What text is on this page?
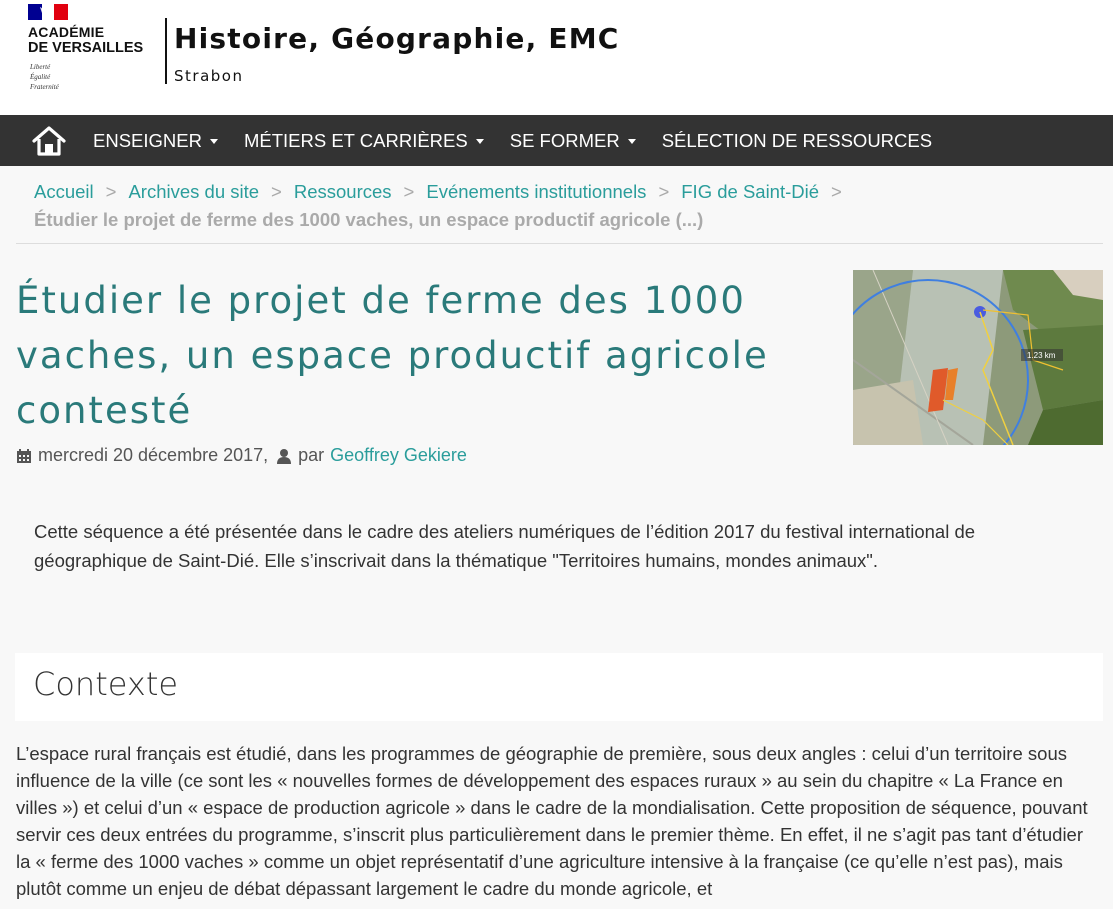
ACADÉMIE
DE VERSAILLES
Liberté
Égalité
Fraternité
Histoire, Géographie, EMC
Strabon
ENSEIGNER MÉTIERS ET CARRIÈRES SE FORMER SÉLECTION DE RESSOURCES
Accueil > Archives du site > Ressources > Evénements institutionnels > FIG de Saint-Dié >
Étudier le projet de ferme des 1000 vaches, un espace productif agricole (...)
Étudier le projet de ferme des 1000 vaches, un espace productif agricole contesté
1.23 km
mercredi 20 décembre 2017, par Geoffrey Gekiere
Cette séquence a été présentée dans le cadre des ateliers numériques de l’édition 2017 du festival international de géographique de Saint-Dié. Elle s’inscrivait dans la thématique "Territoires humains, mondes animaux".
Contexte
L’espace rural français est étudié, dans les programmes de géographie de première, sous deux angles : celui d’un territoire sous influence de la ville (ce sont les « nouvelles formes de développement des espaces ruraux » au sein du chapitre « La France en villes ») et celui d’un « espace de production agricole » dans le cadre de la mondialisation. Cette proposition de séquence, pouvant servir ces deux entrées du programme, s’inscrit plus particulièrement dans le premier thème. En effet, il ne s’agit pas tant d’étudier la « ferme des 1000 vaches » comme un objet représentatif d’une agriculture intensive à la française (ce qu’elle n’est pas), mais plutôt comme un enjeu de débat dépassant largement le cadre du monde agricole, et
